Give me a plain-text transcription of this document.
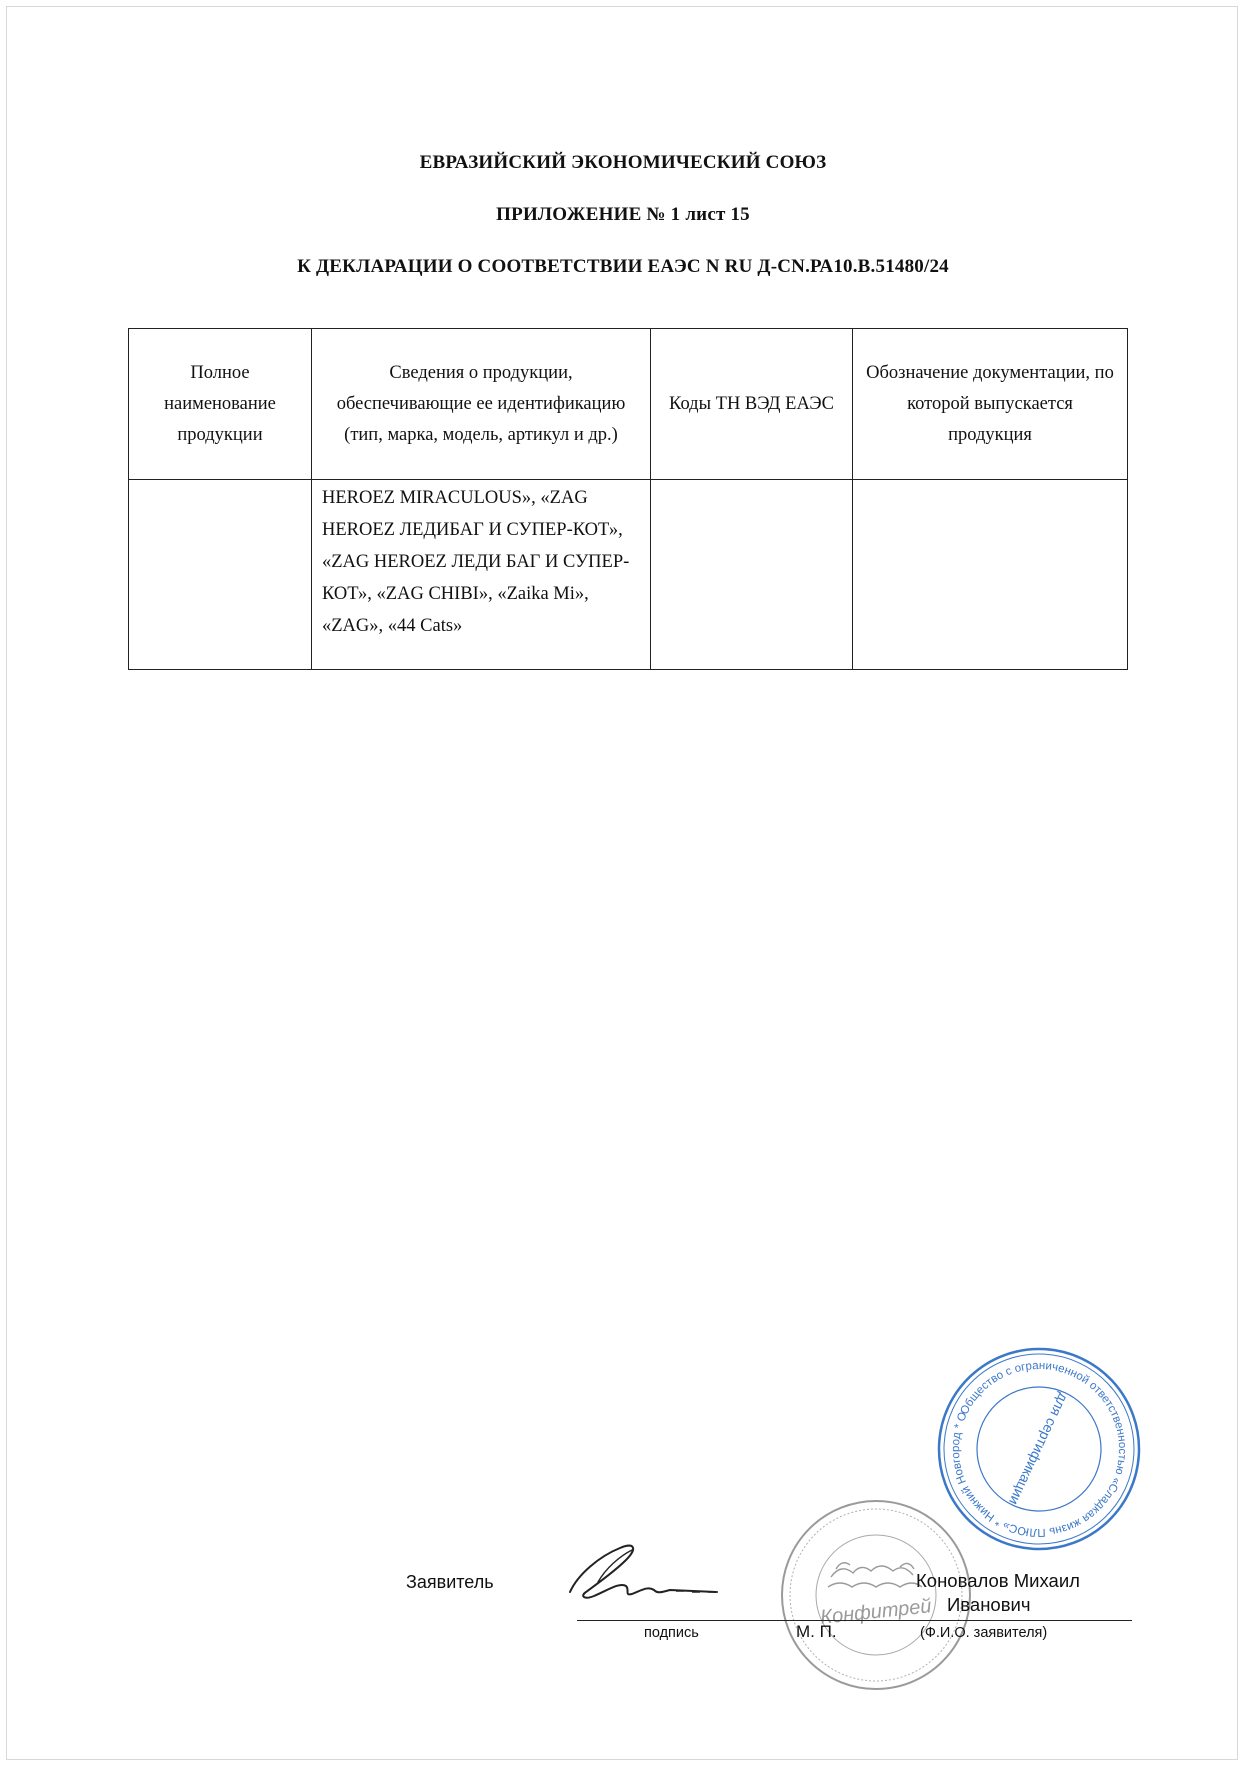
ЕВРАЗИЙСКИЙ ЭКОНОМИЧЕСКИЙ СОЮЗ
ПРИЛОЖЕНИЕ № 1 лист 15
К ДЕКЛАРАЦИИ О СООТВЕТСТВИИ ЕАЭС N RU Д-CN.РА10.В.51480/24
Полное наименование продукции	Сведения о продукции, обеспечивающие ее идентификацию (тип, марка, модель, артикул и др.)	Коды ТН ВЭД ЕАЭС	Обозначение документации, по которой выпускается продукция
	HEROEZ MIRACULOUS», «ZAG HEROEZ ЛЕДИБАГ И СУПЕР-КОТ», «ZAG HEROEZ ЛЕДИ БАГ И СУПЕР-КОТ», «ZAG CHIBI», «Zaika Mi», «ZAG», «44 Cats»		
Общество с ограниченной ответственностью «Сладкая жизнь ПЛЮС» * Нижний Новгород * ОГРН
для сертификации
Конфитрей
Заявитель	Коновалов Михаил
Иванович
подпись	М. П.	(Ф.И.О. заявителя)
